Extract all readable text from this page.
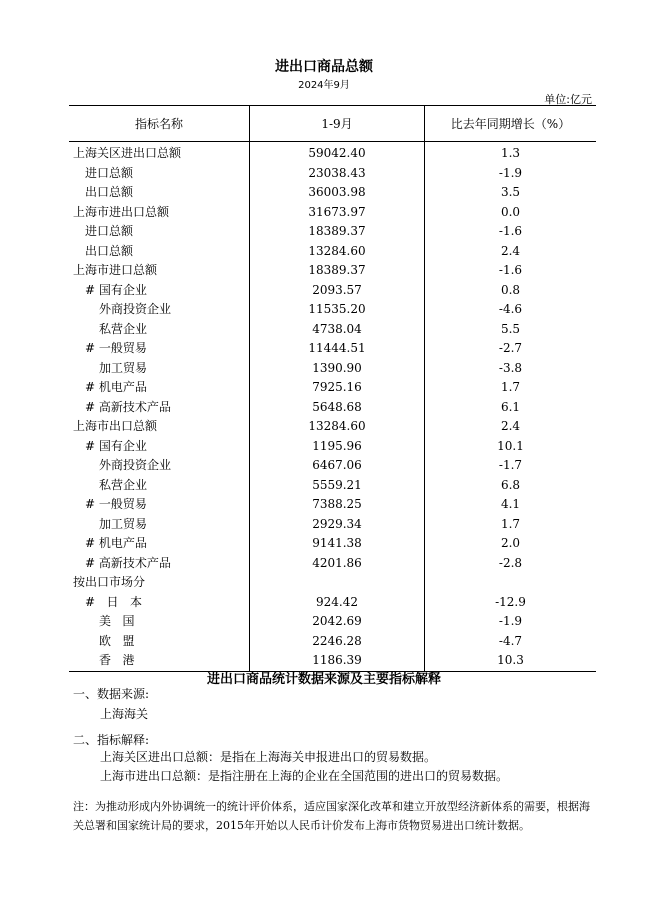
进出口商品总额
2024年9月
单位:亿元
指标名称	1-9月	比去年同期增长（%）
上海关区进出口总额	59042.40	1.3
进口总额	23038.43	-1.9
出口总额	36003.98	3.5
上海市进出口总额	31673.97	0.0
进口总额	18389.37	-1.6
出口总额	13284.60	2.4
上海市进口总额	18389.37	-1.6
# 国有企业	2093.57	0.8
外商投资企业	11535.20	-4.6
私营企业	4738.04	5.5
# 一般贸易	11444.51	-2.7
加工贸易	1390.90	-3.8
# 机电产品	7925.16	1.7
# 高新技术产品	5648.68	6.1
上海市出口总额	13284.60	2.4
# 国有企业	1195.96	10.1
外商投资企业	6467.06	-1.7
私营企业	5559.21	6.8
# 一般贸易	7388.25	4.1
加工贸易	2929.34	1.7
# 机电产品	9141.38	2.0
# 高新技术产品	4201.86	-2.8
按出口市场分		
#   日   本	924.42	-12.9
美   国	2042.69	-1.9
欧   盟	2246.28	-4.7
香   港	1186.39	10.3
进出口商品统计数据来源及主要指标解释
一、数据来源:
上海海关
二、指标解释:
上海关区进出口总额：是指在上海海关申报进出口的贸易数据。
上海市进出口总额：是指注册在上海的企业在全国范围的进出口的贸易数据。
注：为推动形成内外协调统一的统计评价体系，适应国家深化改革和建立开放型经济新体系的需要，根据海关总署和国家统计局的要求，2015年开始以人民币计价发布上海市货物贸易进出口统计数据。
